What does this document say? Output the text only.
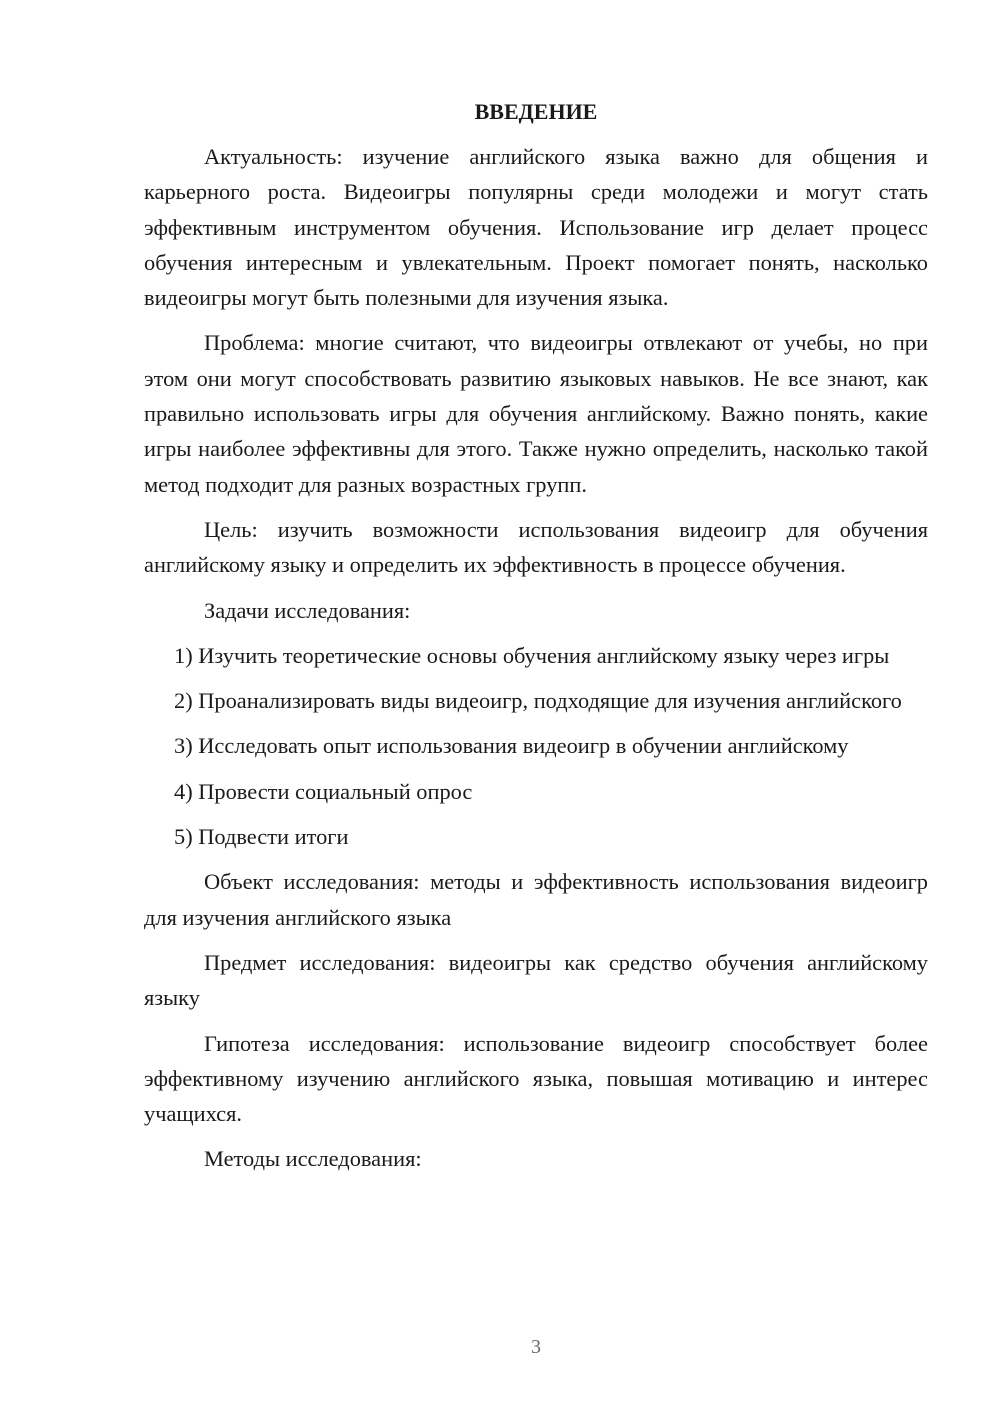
ВВЕДЕНИЕ

Актуальность: изучение английского языка важно для общения и карьерного роста. Видеоигры популярны среди молодежи и могут стать эффективным инструментом обучения. Использование игр делает процесс обучения интересным и увлекательным. Проект помогает понять, насколько видеоигры могут быть полезными для изучения языка.

Проблема: многие считают, что видеоигры отвлекают от учебы, но при этом они могут способствовать развитию языковых навыков. Не все знают, как правильно использовать игры для обучения английскому. Важно понять, какие игры наиболее эффективны для этого. Также нужно определить, насколько такой метод подходит для разных возрастных групп.

Цель: изучить возможности использования видеоигр для обучения английскому языку и определить их эффективность в процессе обучения.

Задачи исследования:

1) Изучить теоретические основы обучения английскому языку через игры

2) Проанализировать виды видеоигр, подходящие для изучения английского

3) Исследовать опыт использования видеоигр в обучении английскому

4) Провести социальный опрос

5) Подвести итоги

Объект исследования: методы и эффективность использования видеоигр для изучения английского языка

Предмет исследования: видеоигры как средство обучения английскому языку

Гипотеза исследования: использование видеоигр способствует более эффективному изучению английского языка, повышая мотивацию и интерес учащихся.

Методы исследования:

3
